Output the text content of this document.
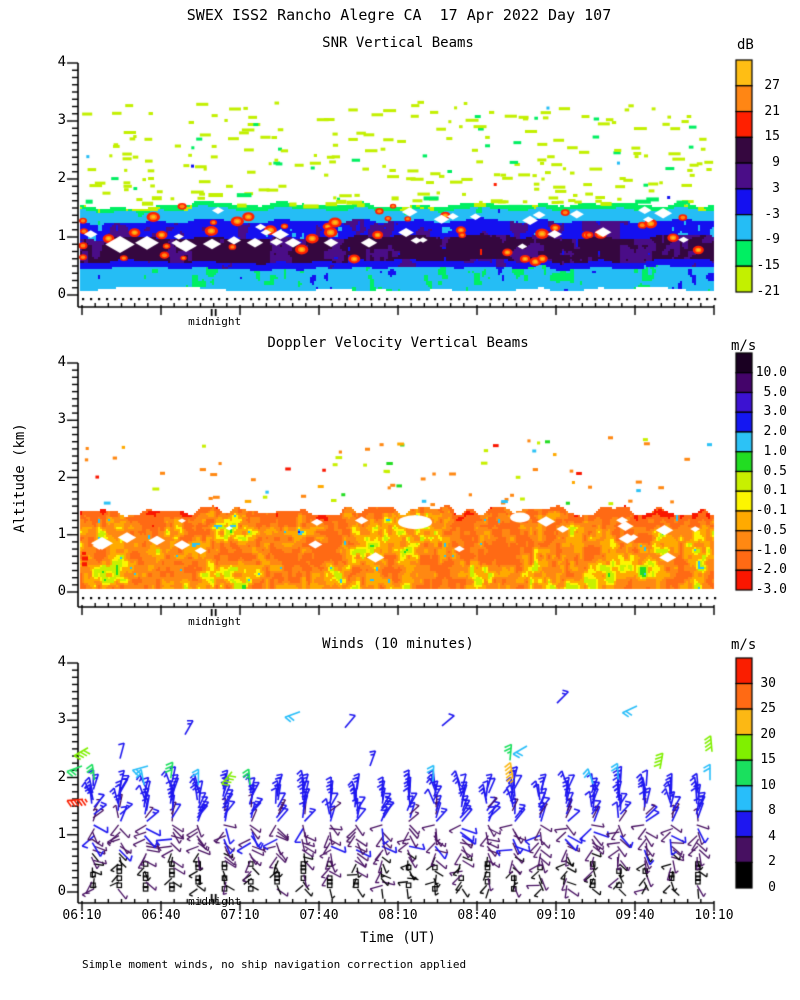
SWEX ISS2 Rancho Alegre CA  17 Apr 2022 Day 107
SNR Vertical Beams
Doppler Velocity Vertical Beams
Winds (10 minutes)
dB
m/s
m/s
Altitude (km)
Time (UT)
Simple moment winds, no ship navigation correction applied
0
1
2
3
4
midnight
27
21
15
9
3
-3
-9
-15
-21
0
1
2
3
4
midnight
10.0
5.0
3.0
2.0
1.0
0.5
0.1
-0.1
-0.5
-1.0
-2.0
-3.0
0
1
2
3
4
midnight
30
25
20
15
10
8
4
2
0
06:10	06:40	07:10	07:40	08:10	08:40	09:10	09:40	10:10
